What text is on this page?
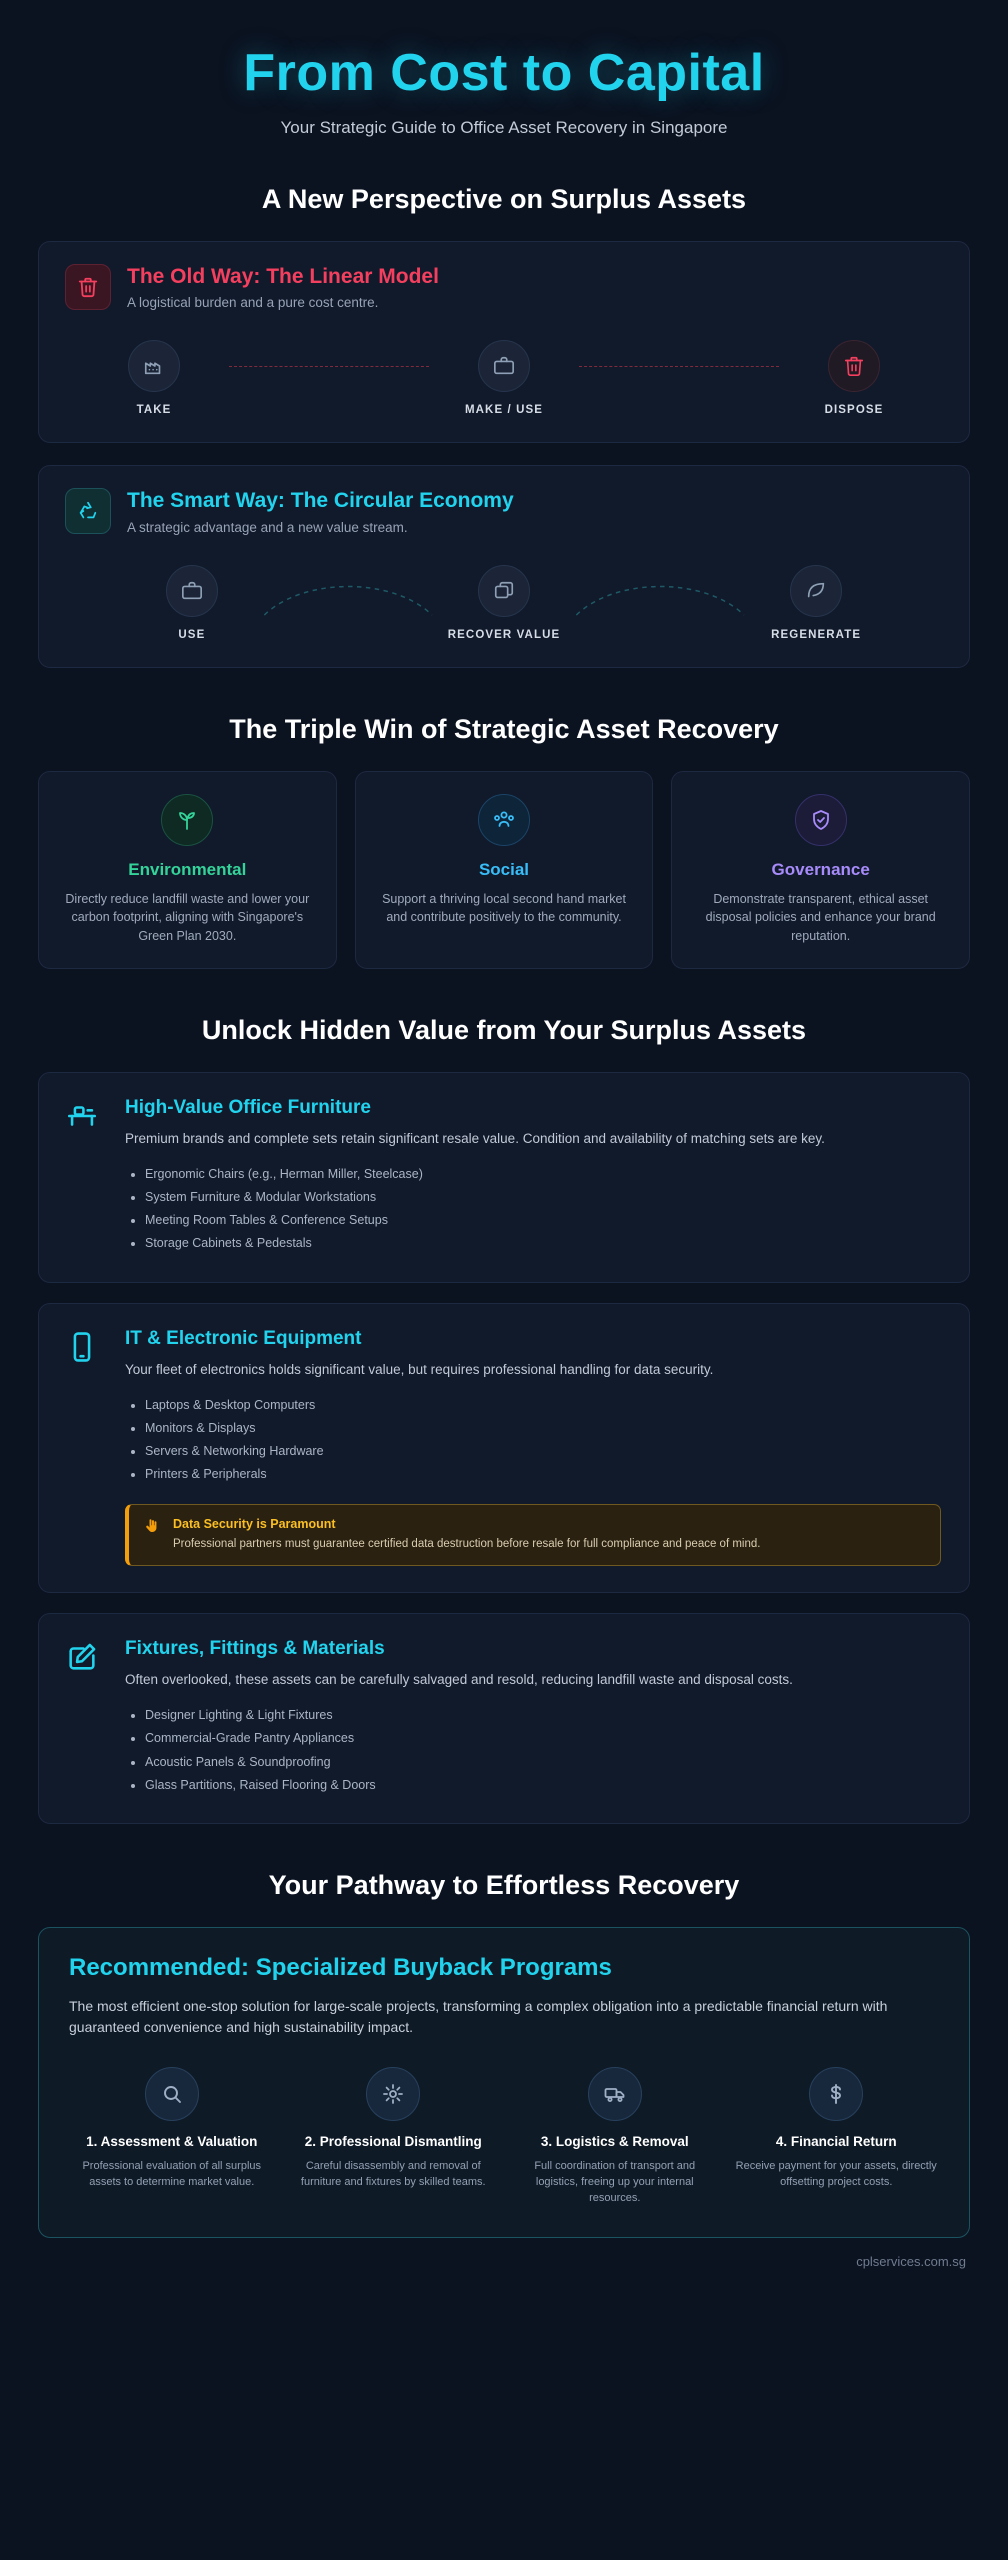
From Cost to Capital

Your Strategic Guide to Office Asset Recovery in Singapore

A New Perspective on Surplus Assets
The Old Way: The Linear Model
A logistical burden and a pure cost centre.
TAKE	MAKE / USE	DISPOSE
The Smart Way: The Circular Economy
A strategic advantage and a new value stream.
USE	RECOVER VALUE	REGENERATE
The Triple Win of Strategic Asset Recovery
Environmental

Directly reduce landfill waste and lower your carbon footprint, aligning with Singapore's Green Plan 2030.

Social

Support a thriving local second hand market and contribute positively to the community.

Governance

Demonstrate transparent, ethical asset disposal policies and enhance your brand reputation.

Unlock Hidden Value from Your Surplus Assets
High-Value Office Furniture
Premium brands and complete sets retain significant resale value. Condition and availability of matching sets are key.
• Ergonomic Chairs (e.g., Herman Miller, Steelcase)
• System Furniture & Modular Workstations
• Meeting Room Tables & Conference Setups
• Storage Cabinets & Pedestals
IT & Electronic Equipment
Your fleet of electronics holds significant value, but requires professional handling for data security.
• Laptops & Desktop Computers
• Monitors & Displays
• Servers & Networking Hardware
• Printers & Peripherals
Data Security is Paramount
Professional partners must guarantee certified data destruction before resale for full compliance and peace of mind.
Fixtures, Fittings & Materials
Often overlooked, these assets can be carefully salvaged and resold, reducing landfill waste and disposal costs.
• Designer Lighting & Light Fixtures
• Commercial-Grade Pantry Appliances
• Acoustic Panels & Soundproofing
• Glass Partitions, Raised Flooring & Doors
Your Pathway to Effortless Recovery
Recommended: Specialized Buyback Programs
The most efficient one-stop solution for large-scale projects, transforming a complex obligation into a predictable financial return with guaranteed convenience and high sustainability impact.
1. Assessment & Valuation
Professional evaluation of all surplus assets to determine market value.
2. Professional Dismantling
Careful disassembly and removal of furniture and fixtures by skilled teams.
3. Logistics & Removal
Full coordination of transport and logistics, freeing up your internal resources.
4. Financial Return
Receive payment for your assets, directly offsetting project costs.
cplservices.com.sg
